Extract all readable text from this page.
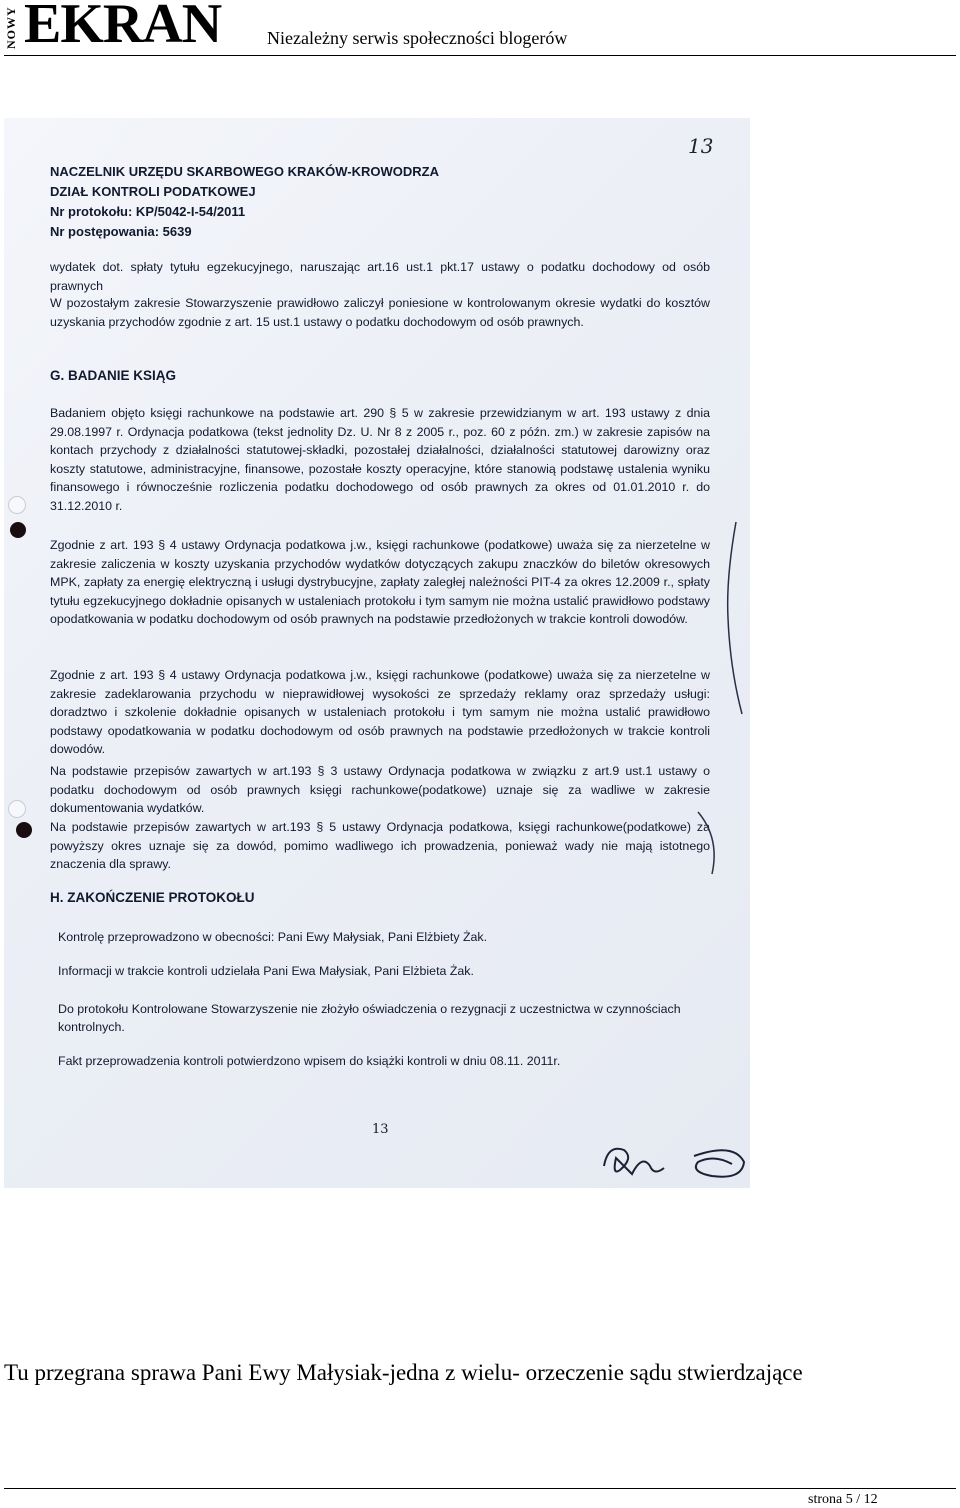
NOWY EKRAN	Niezależny serwis społeczności blogerów
13
NACZELNIK URZĘDU SKARBOWEGO KRAKÓW-KROWODRZA
DZIAŁ KONTROLI PODATKOWEJ
Nr protokołu: KP/5042-I-54/2011
Nr postępowania: 5639
wydatek dot. spłaty tytułu egzekucyjnego, naruszając art.16 ust.1 pkt.17 ustawy o podatku dochodowy od osób prawnych
W pozostałym zakresie Stowarzyszenie prawidłowo zaliczył poniesione w kontrolowanym okresie wydatki do kosztów uzyskania przychodów zgodnie z art. 15 ust.1 ustawy o podatku dochodowym od osób prawnych.
G. BADANIE KSIĄG
Badaniem objęto księgi rachunkowe na podstawie art. 290 § 5 w zakresie przewidzianym w art. 193 ustawy z dnia 29.08.1997 r. Ordynacja podatkowa (tekst jednolity Dz. U. Nr 8 z 2005 r., poz. 60 z późn. zm.) w zakresie zapisów na kontach przychody z działalności statutowej-składki, pozostałej działalności, działalności statutowej darowizny oraz koszty statutowe, administracyjne, finansowe, pozostałe koszty operacyjne, które stanowią podstawę ustalenia wyniku finansowego i równocześnie rozliczenia podatku dochodowego od osób prawnych za okres od 01.01.2010 r. do 31.12.2010 r.
Zgodnie z art. 193 § 4 ustawy Ordynacja podatkowa j.w., księgi rachunkowe (podatkowe) uważa się za nierzetelne w zakresie zaliczenia w koszty uzyskania przychodów wydatków dotyczących zakupu znaczków do biletów okresowych MPK, zapłaty za energię elektryczną i usługi dystrybucyjne, zapłaty zaległej należności PIT-4 za okres 12.2009 r., spłaty tytułu egzekucyjnego dokładnie opisanych w ustaleniach protokołu i tym samym nie można ustalić prawidłowo podstawy opodatkowania w podatku dochodowym od osób prawnych na podstawie przedłożonych w trakcie kontroli dowodów.
Zgodnie z art. 193 § 4 ustawy Ordynacja podatkowa j.w., księgi rachunkowe (podatkowe) uważa się za nierzetelne w zakresie zadeklarowania przychodu w nieprawidłowej wysokości ze sprzedaży reklamy oraz sprzedaży usługi: doradztwo i szkolenie dokładnie opisanych w ustaleniach protokołu i tym samym nie można ustalić prawidłowo podstawy opodatkowania w podatku dochodowym od osób prawnych na podstawie przedłożonych w trakcie kontroli dowodów.
Na podstawie przepisów zawartych w art.193 § 3 ustawy Ordynacja podatkowa w związku z art.9 ust.1 ustawy o podatku dochodowym od osób prawnych księgi rachunkowe(podatkowe) uznaje się za wadliwe w zakresie dokumentowania wydatków.
Na podstawie przepisów zawartych w art.193 § 5 ustawy Ordynacja podatkowa, księgi rachunkowe(podatkowe) za powyższy okres uznaje się za dowód, pomimo wadliwego ich prowadzenia, ponieważ wady nie mają istotnego znaczenia dla sprawy.
H. ZAKOŃCZENIE PROTOKOŁU
Kontrolę przeprowadzono w obecności: Pani Ewy Małysiak, Pani Elżbiety Żak.
Informacji w trakcie kontroli udzielała Pani Ewa Małysiak, Pani Elżbieta Żak.
Do protokołu Kontrolowane Stowarzyszenie nie złożyło oświadczenia o rezygnacji z uczestnictwa w czynnościach kontrolnych.
Fakt przeprowadzenia kontroli potwierdzono wpisem do książki kontroli w dniu 08.11. 2011r.
13
Tu przegrana sprawa Pani Ewy Małysiak-jedna z wielu- orzeczenie sądu stwierdzające
strona 5 / 12
